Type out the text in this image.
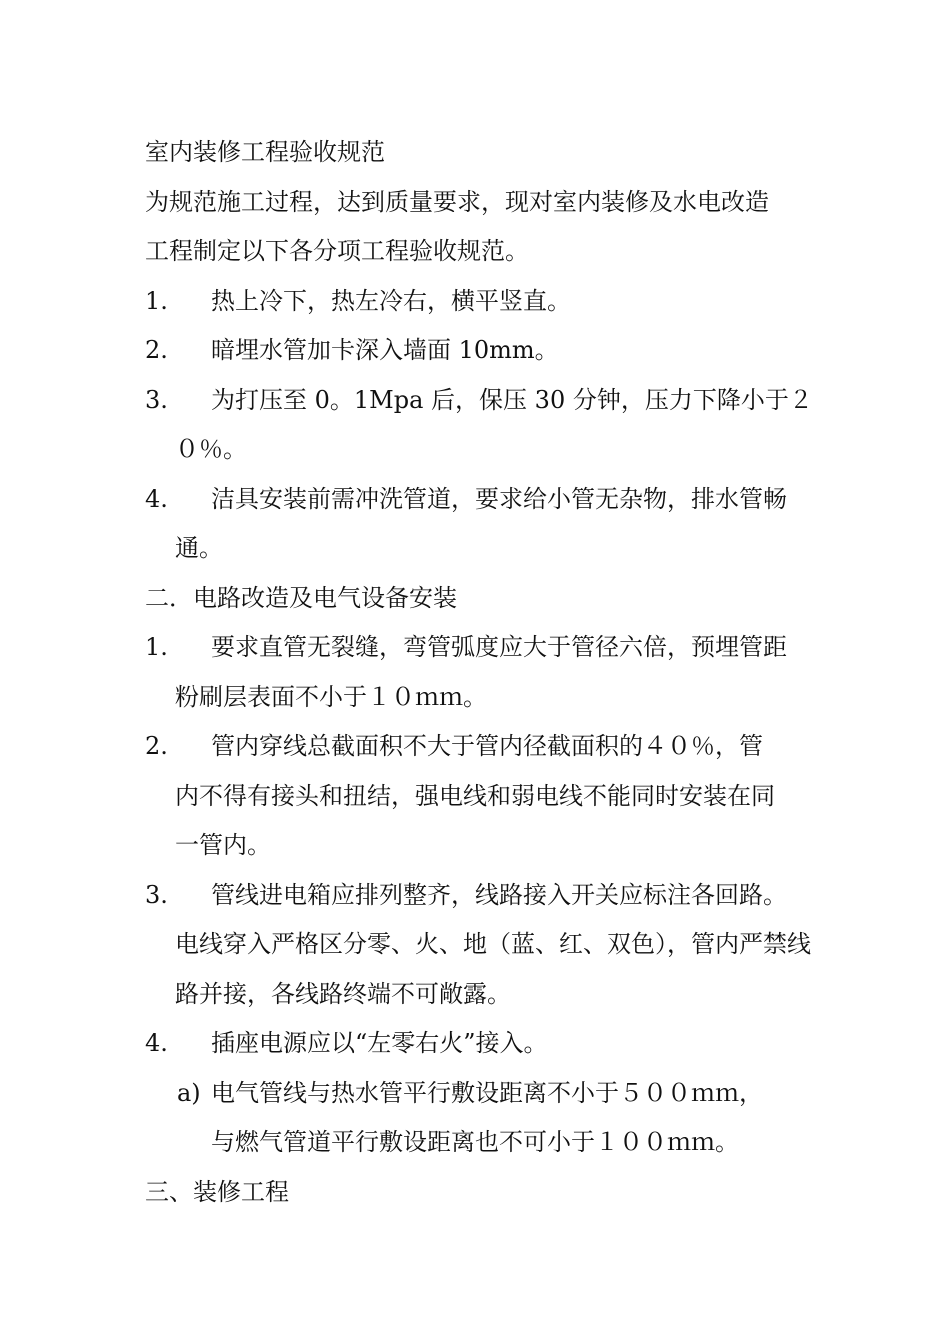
室内装修工程验收规范
为规范施工过程，达到质量要求，现对室内装修及水电改造
工程制定以下各分项工程验收规范。
1.	热上冷下，热左冷右，横平竖直。
2.	暗埋水管加卡深入墙面 10mm。
3.	为打压至 0。1Mpa 后，保压 30 分钟，压力下降小于２
０％。
4.	洁具安装前需冲洗管道，要求给小管无杂物，排水管畅
通。
二．电路改造及电气设备安装
1.	要求直管无裂缝，弯管弧度应大于管径六倍，预埋管距
粉刷层表面不小于１０ｍｍ。
2.	管内穿线总截面积不大于管内径截面积的４０％，管
内不得有接头和扭结，强电线和弱电线不能同时安装在同
一管内。
3.	管线进电箱应排列整齐，线路接入开关应标注各回路。
电线穿入严格区分零、火、地（蓝、红、双色），管内严禁线
路并接，各线路终端不可敞露。
4.	插座电源应以“左零右火”接入。
a) 电气管线与热水管平行敷设距离不小于５００ｍｍ，
与燃气管道平行敷设距离也不可小于１００ｍｍ。
三、装修工程
